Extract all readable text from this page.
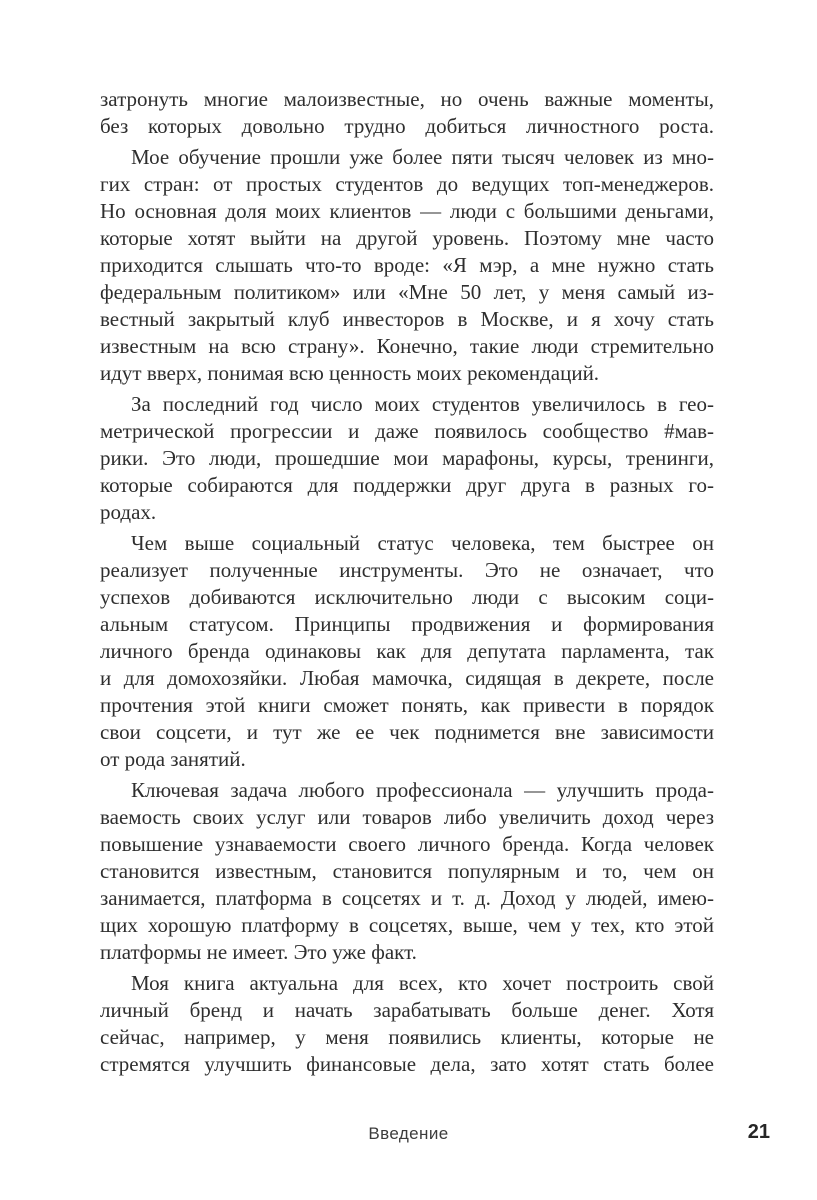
затронуть многие малоизвестные, но очень важные моменты,
без которых довольно трудно добиться личностного роста.
Мое обучение прошли уже более пяти тысяч человек из мно-
гих стран: от простых студентов до ведущих топ-менеджеров.
Но основная доля моих клиентов — люди с большими деньгами,
которые хотят выйти на другой уровень. Поэтому мне часто
приходится слышать что-то вроде: «Я мэр, а мне нужно стать
федеральным политиком» или «Мне 50 лет, у меня самый из-
вестный закрытый клуб инвесторов в Москве, и я хочу стать
известным на всю страну». Конечно, такие люди стремительно
идут вверх, понимая всю ценность моих рекомендаций.
За последний год число моих студентов увеличилось в гео-
метрической прогрессии и даже появилось сообщество #мав-
рики. Это люди, прошедшие мои марафоны, курсы, тренинги,
которые собираются для поддержки друг друга в разных го-
родах.
Чем выше социальный статус человека, тем быстрее он
реализует полученные инструменты. Это не означает, что
успехов добиваются исключительно люди с высоким соци-
альным статусом. Принципы продвижения и формирования
личного бренда одинаковы как для депутата парламента, так
и для домохозяйки. Любая мамочка, сидящая в декрете, после
прочтения этой книги сможет понять, как привести в порядок
свои соцсети, и тут же ее чек поднимется вне зависимости
от рода занятий.
Ключевая задача любого профессионала — улучшить прода-
ваемость своих услуг или товаров либо увеличить доход через
повышение узнаваемости своего личного бренда. Когда человек
становится известным, становится популярным и то, чем он
занимается, платформа в соцсетях и т. д. Доход у людей, имею-
щих хорошую платформу в соцсетях, выше, чем у тех, кто этой
платформы не имеет. Это уже факт.
Моя книга актуальна для всех, кто хочет построить свой
личный бренд и начать зарабатывать больше денег. Хотя
сейчас, например, у меня появились клиенты, которые не
стремятся улучшить финансовые дела, зато хотят стать более
Введение	21
